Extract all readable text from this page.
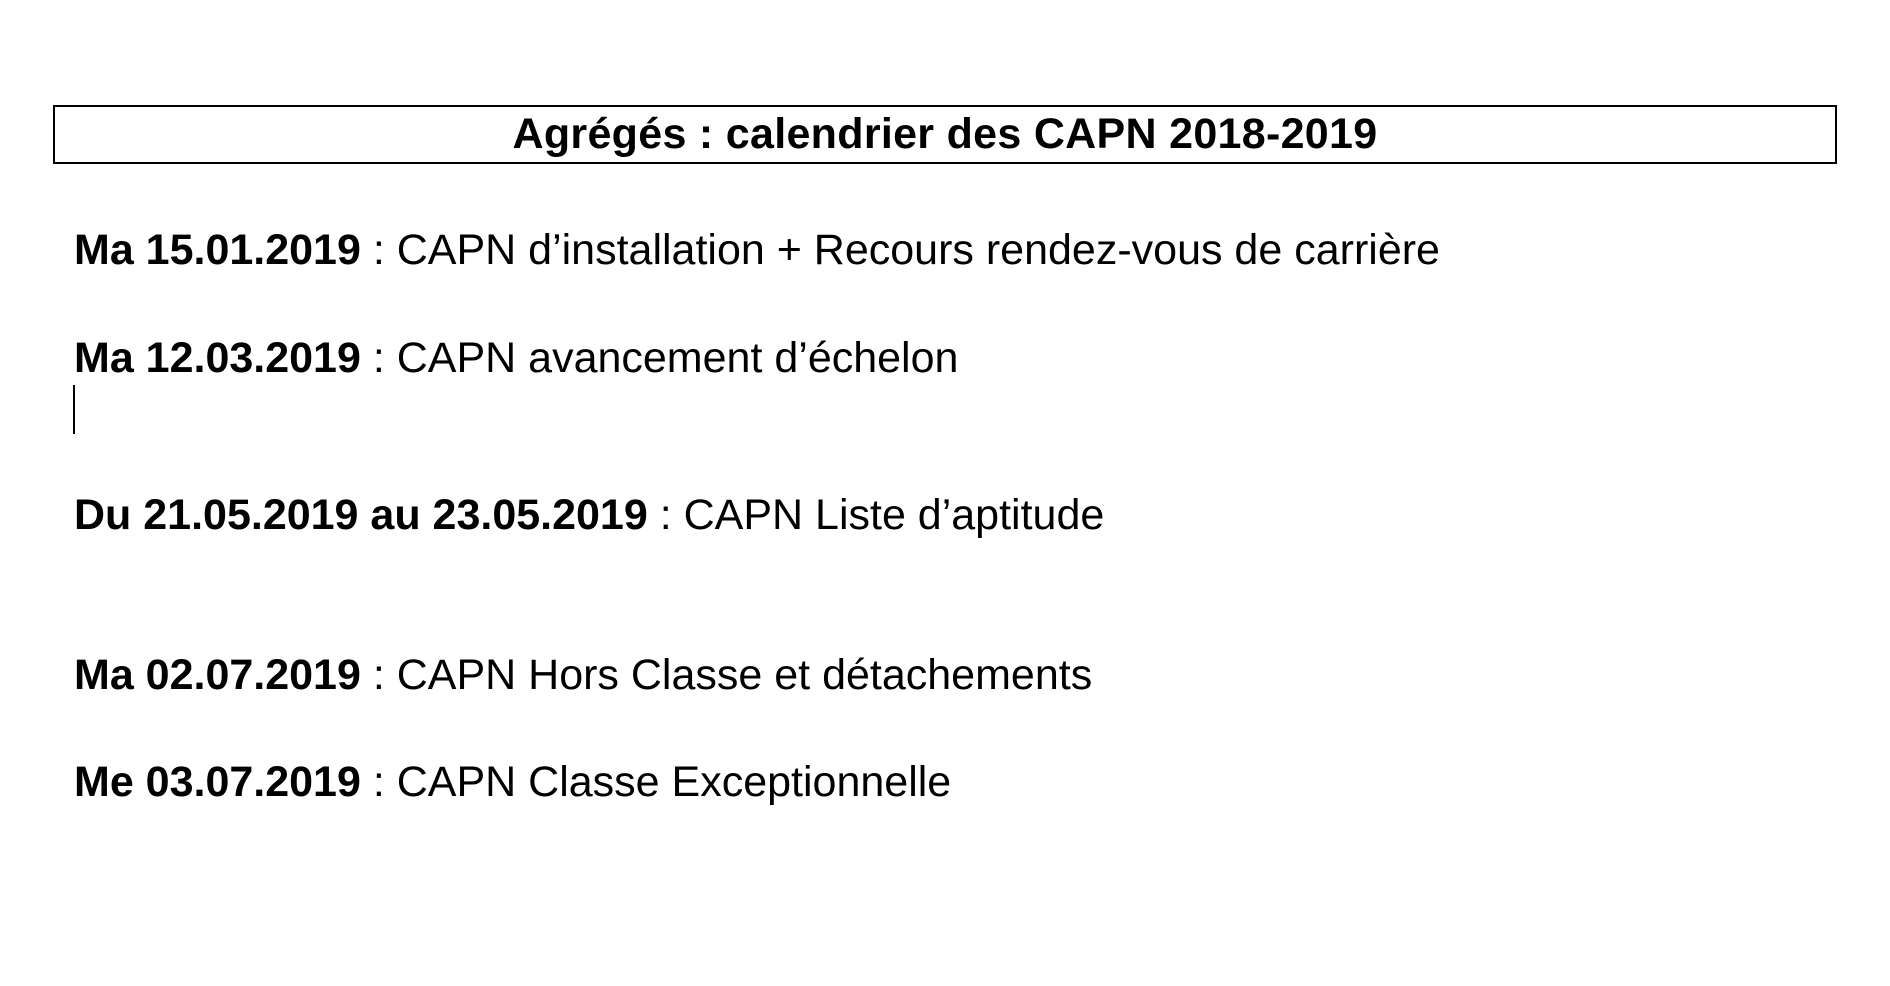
Agrégés : calendrier des CAPN 2018-2019
Ma 15.01.2019 : CAPN d’installation + Recours rendez-vous de carrière
Ma 12.03.2019 : CAPN avancement d’échelon
Du 21.05.2019 au 23.05.2019 : CAPN Liste d’aptitude
Ma 02.07.2019 : CAPN Hors Classe et détachements
Me 03.07.2019 : CAPN Classe Exceptionnelle
